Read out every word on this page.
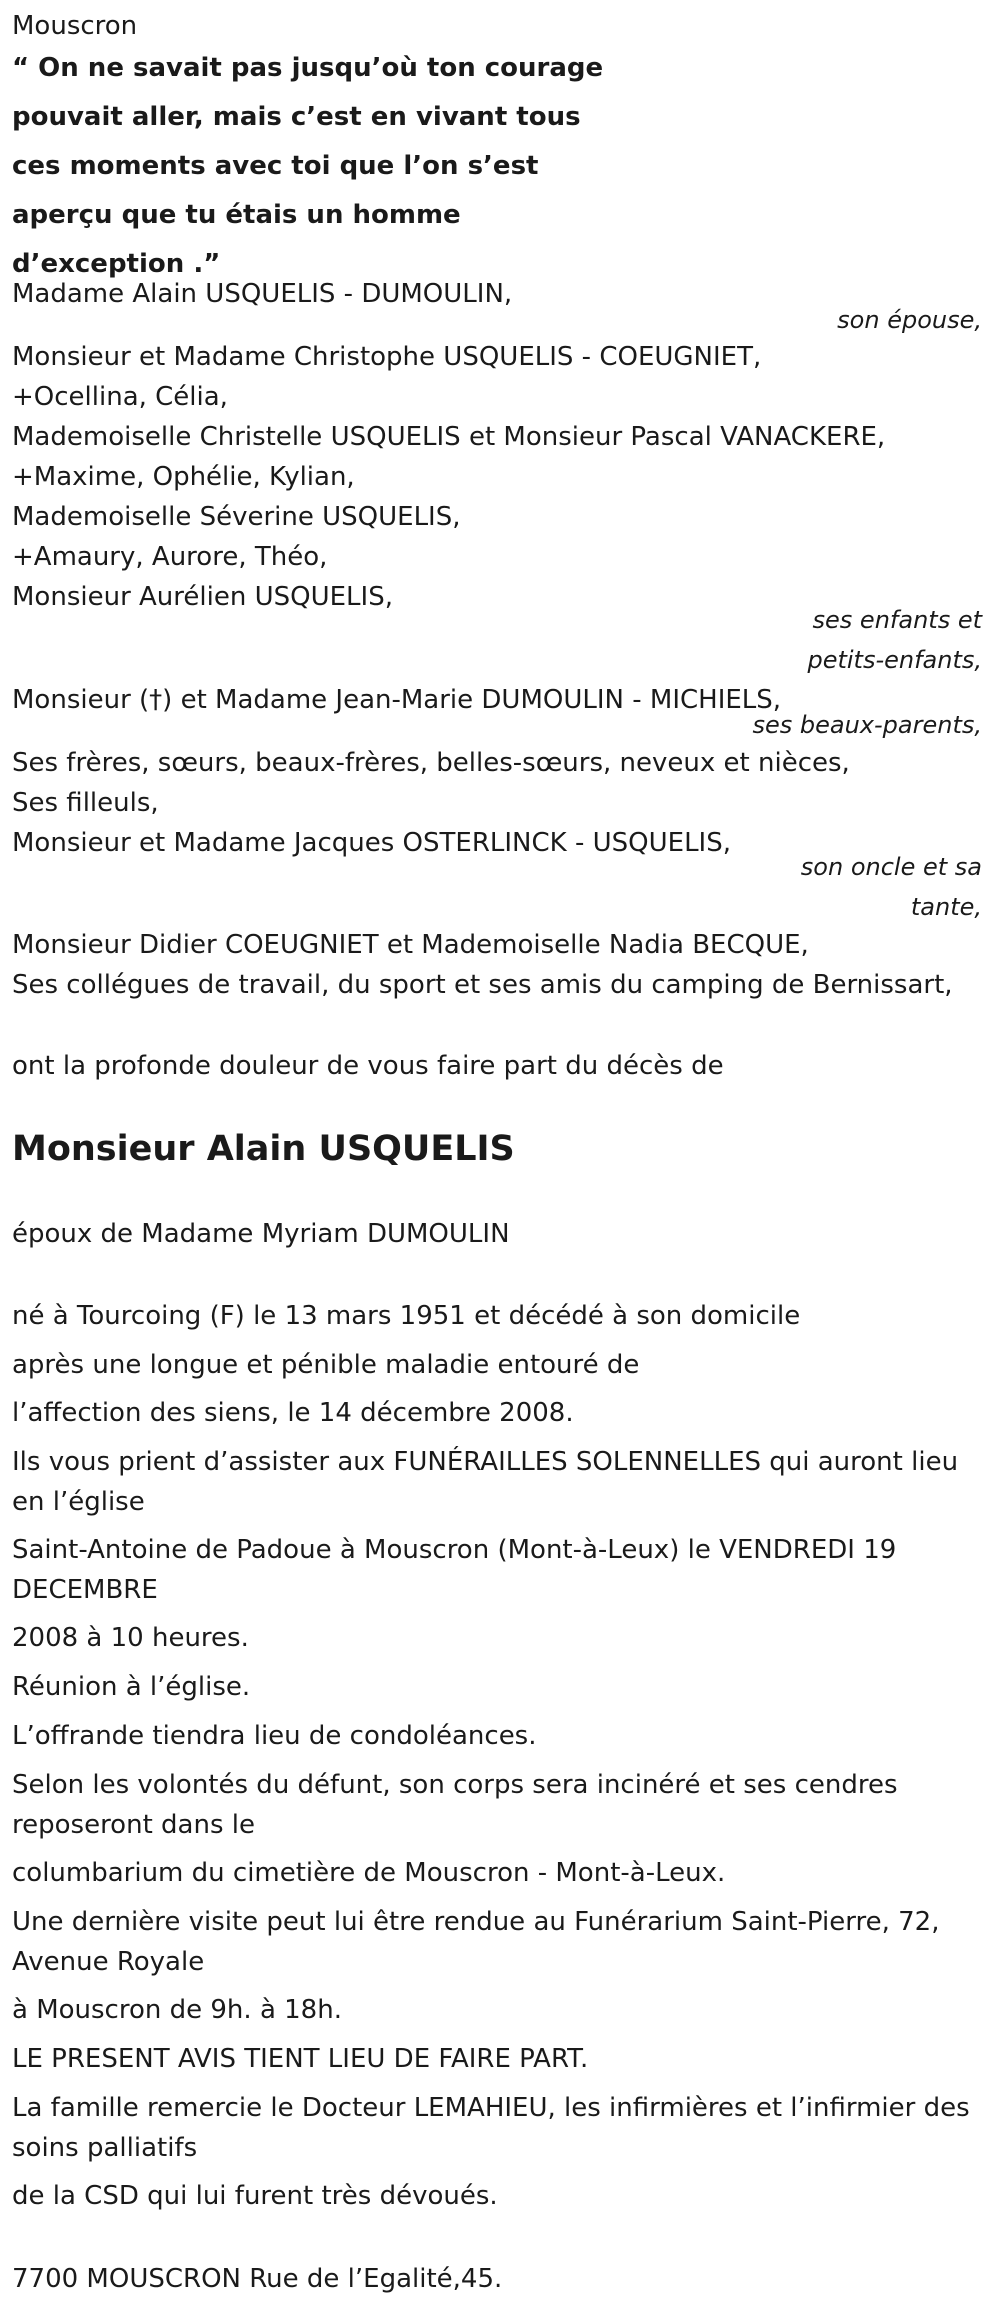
Mouscron

“ On ne savait pas jusqu’où ton courage pouvait aller, mais c’est en vivant tous ces moments avec toi que l’on s’est aperçu que tu étais un homme d’exception .”

Madame Alain USQUELIS - DUMOULIN,

son épouse,

Monsieur et Madame Christophe USQUELIS - COEUGNIET,

+Ocellina, Célia,

Mademoiselle Christelle USQUELIS et Monsieur Pascal VANACKERE,

+Maxime, Ophélie, Kylian,

Mademoiselle Séverine USQUELIS,

+Amaury, Aurore, Théo,

Monsieur Aurélien USQUELIS,

ses enfants et

petits-enfants,

Monsieur (†) et Madame Jean-Marie DUMOULIN - MICHIELS,

ses beaux-parents,

Ses frères, sœurs, beaux-frères, belles-sœurs, neveux et nièces,

Ses filleuls,

Monsieur et Madame Jacques OSTERLINCK - USQUELIS,

son oncle et sa

tante,

Monsieur Didier COEUGNIET et Mademoiselle Nadia BECQUE,

Ses collégues de travail, du sport et ses amis du camping de Bernissart,

ont la profonde douleur de vous faire part du décès de

Monsieur Alain USQUELIS

époux de Madame Myriam DUMOULIN

né à Tourcoing (F) le 13 mars 1951 et décédé à son domicile

après une longue et pénible maladie entouré de

l’affection des siens, le 14 décembre 2008.

Ils vous prient d’assister aux FUNÉRAILLES SOLENNELLES qui auront lieu en l’église

Saint-Antoine de Padoue à Mouscron (Mont-à-Leux) le VENDREDI 19 DECEMBRE

2008 à 10 heures.

Réunion à l’église.

L’offrande tiendra lieu de condoléances.

Selon les volontés du défunt, son corps sera incinéré et ses cendres reposeront dans le

columbarium du cimetière de Mouscron - Mont-à-Leux.

Une dernière visite peut lui être rendue au Funérarium Saint-Pierre, 72, Avenue Royale

à Mouscron de 9h. à 18h.

LE PRESENT AVIS TIENT LIEU DE FAIRE PART.

La famille remercie le Docteur LEMAHIEU, les infirmières et l’infirmier des soins palliatifs

de la CSD qui lui furent très dévoués.

7700 MOUSCRON Rue de l’Egalité,45.
